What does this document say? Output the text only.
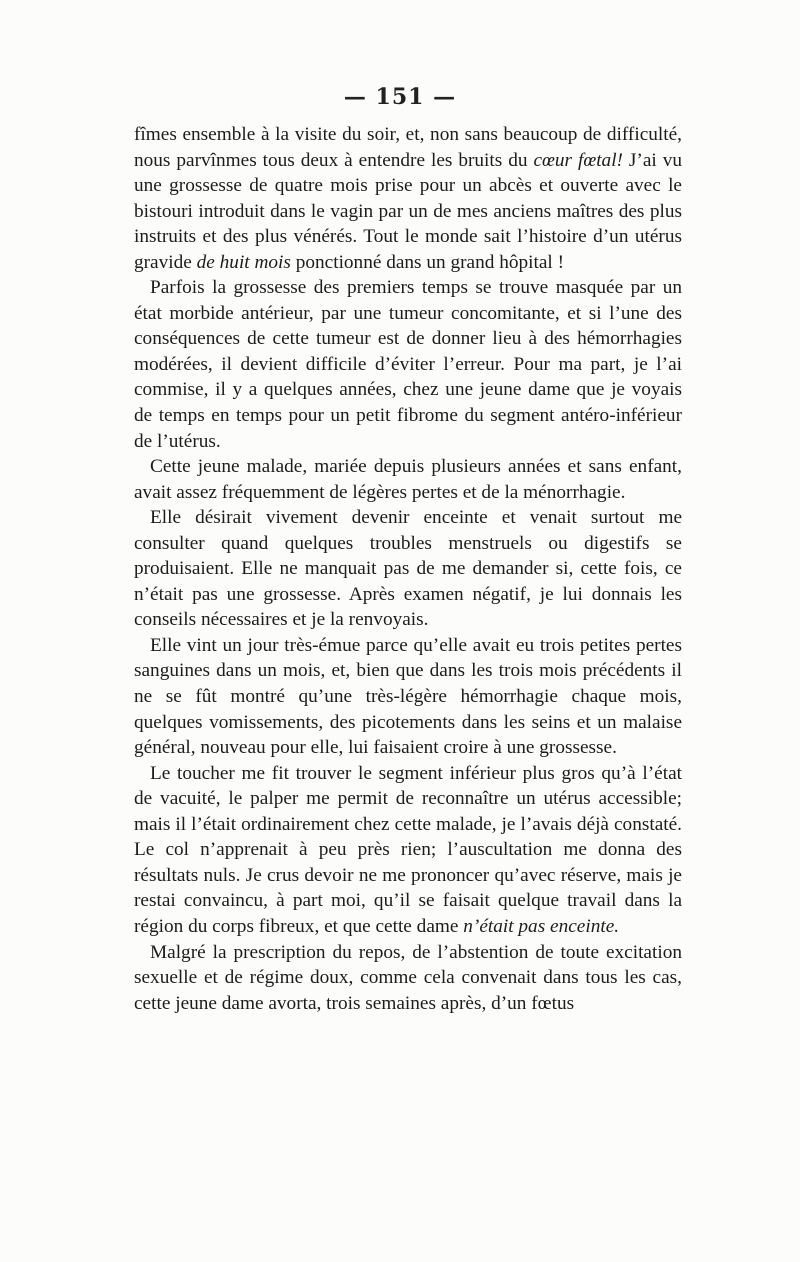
— 151 —

fîmes ensemble à la visite du soir, et, non sans beaucoup de difficulté, nous parvînmes tous deux à entendre les bruits du cœur fœtal! J’ai vu une grossesse de quatre mois prise pour un abcès et ouverte avec le bistouri introduit dans le vagin par un de mes anciens maîtres des plus instruits et des plus vénérés. Tout le monde sait l’histoire d’un utérus gravide de huit mois ponctionné dans un grand hôpital !

Parfois la grossesse des premiers temps se trouve masquée par un état morbide antérieur, par une tumeur concomitante, et si l’une des conséquences de cette tumeur est de donner lieu à des hémorrhagies modérées, il devient difficile d’éviter l’erreur. Pour ma part, je l’ai commise, il y a quelques années, chez une jeune dame que je voyais de temps en temps pour un petit fibrome du segment antéro-inférieur de l’utérus.

Cette jeune malade, mariée depuis plusieurs années et sans enfant, avait assez fréquemment de légères pertes et de la ménorrhagie.

Elle désirait vivement devenir enceinte et venait surtout me consulter quand quelques troubles menstruels ou digestifs se produisaient. Elle ne manquait pas de me demander si, cette fois, ce n’était pas une grossesse. Après examen négatif, je lui donnais les conseils nécessaires et je la renvoyais.

Elle vint un jour très-émue parce qu’elle avait eu trois petites pertes sanguines dans un mois, et, bien que dans les trois mois précédents il ne se fût montré qu’une très-légère hémorrhagie chaque mois, quelques vomissements, des picotements dans les seins et un malaise général, nouveau pour elle, lui faisaient croire à une grossesse.

Le toucher me fit trouver le segment inférieur plus gros qu’à l’état de vacuité, le palper me permit de reconnaître un utérus accessible; mais il l’était ordinairement chez cette malade, je l’avais déjà constaté. Le col n’apprenait à peu près rien; l’auscultation me donna des résultats nuls. Je crus devoir ne me prononcer qu’avec réserve, mais je restai convaincu, à part moi, qu’il se faisait quelque travail dans la région du corps fibreux, et que cette dame n’était pas enceinte.

Malgré la prescription du repos, de l’abstention de toute excitation sexuelle et de régime doux, comme cela convenait dans tous les cas, cette jeune dame avorta, trois semaines après, d’un fœtus
